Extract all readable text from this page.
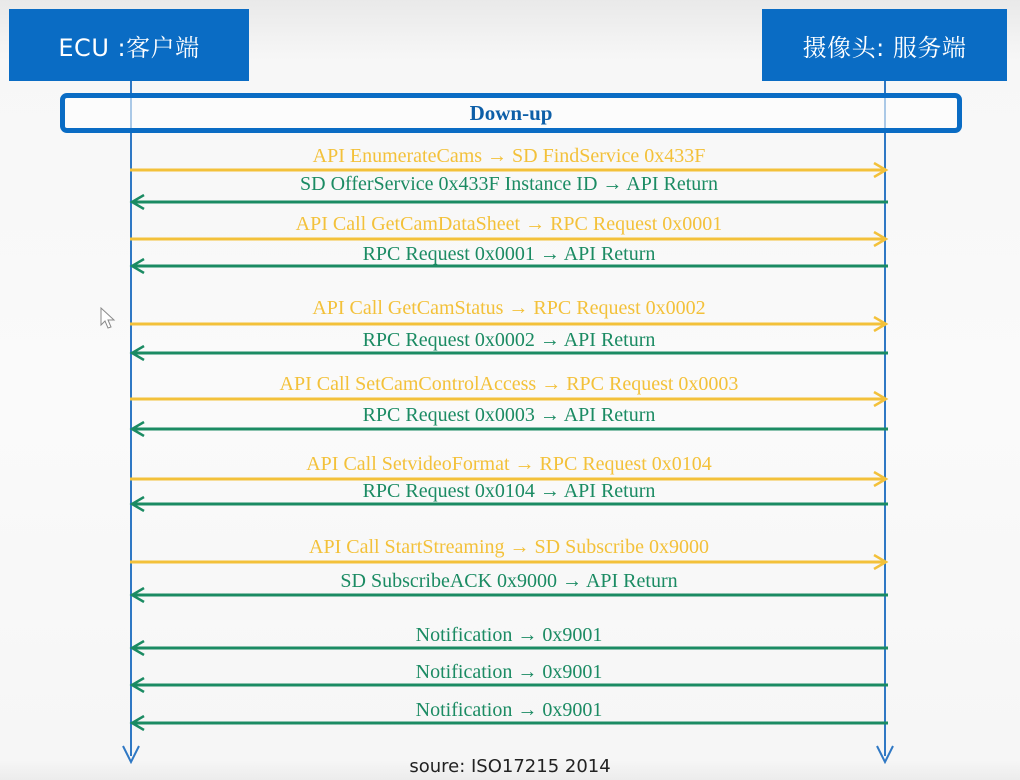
ECU :客户端	摄像头: 服务端
Down-up
API EnumerateCams → SD FindService 0x433F
SD OfferService 0x433F Instance ID → API Return
API Call GetCamDataSheet → RPC Request 0x0001
RPC Request 0x0001 → API Return
API Call GetCamStatus → RPC Request 0x0002
RPC Request 0x0002 → API Return
API Call SetCamControlAccess → RPC Request 0x0003
RPC Request 0x0003 → API Return
API Call SetvideoFormat → RPC Request 0x0104
RPC Request 0x0104 → API Return
API Call StartStreaming → SD Subscribe 0x9000
SD SubscribeACK 0x9000 → API Return
Notification → 0x9001
Notification → 0x9001
Notification → 0x9001
soure: ISO17215 2014
